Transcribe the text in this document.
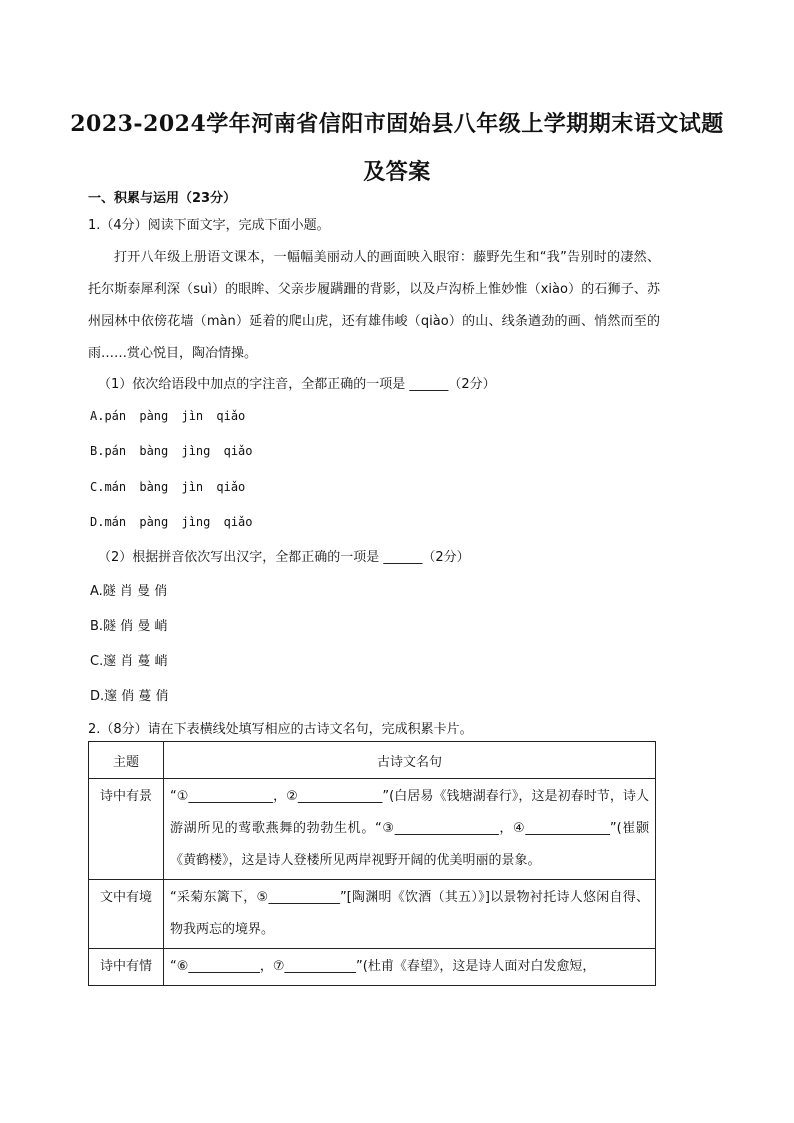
2023-2024学年河南省信阳市固始县八年级上学期期末语文试题及答案
一、积累与运用（23分）
1.（4分）阅读下面文字，完成下面小题。
打开八年级上册语文课本，一幅幅美丽动人的画面映入眼帘：藤野先生和“我”告别时的凄然、托尔斯泰犀利深（suì）的眼眸、父亲步履蹒跚的背影，以及卢沟桥上惟妙惟（xiào）的石狮子、苏州园林中依傍花墙（màn）延着的爬山虎，还有雄伟峻（qiào）的山、线条遒劲的画、悄然而至的雨……赏心悦目，陶冶情操。
（1）依次给语段中加点的字注音，全都正确的一项是 ______（2分）
A.pán pàng jìn qiǎo
B.pán bàng jìng qiǎo
C.mán bàng jìn qiǎo
D.mán pàng jìng qiǎo
（2）根据拼音依次写出汉字，全都正确的一项是 ______（2分）
A.隧 肖 曼 俏
B.隧 俏 曼 峭
C.邃 肖 蔓 峭
D.邃 俏 蔓 俏
2.（8分）请在下表横线处填写相应的古诗文名句，完成积累卡片。
主题	古诗文名句
诗中有景	“①_____________，②_____________”(白居易《钱塘湖春行》，这是初春时节，诗人游湖所见的莺歌燕舞的勃勃生机。“③________________，④_____________”(崔颢《黄鹤楼》，这是诗人登楼所见两岸视野开阔的优美明丽的景象。
文中有境	“采菊东篱下，⑤___________”[陶渊明《饮酒（其五）》]以景物衬托诗人悠闲自得、物我两忘的境界。
诗中有情	“⑥___________，⑦___________”(杜甫《春望》，这是诗人面对白发愈短，
